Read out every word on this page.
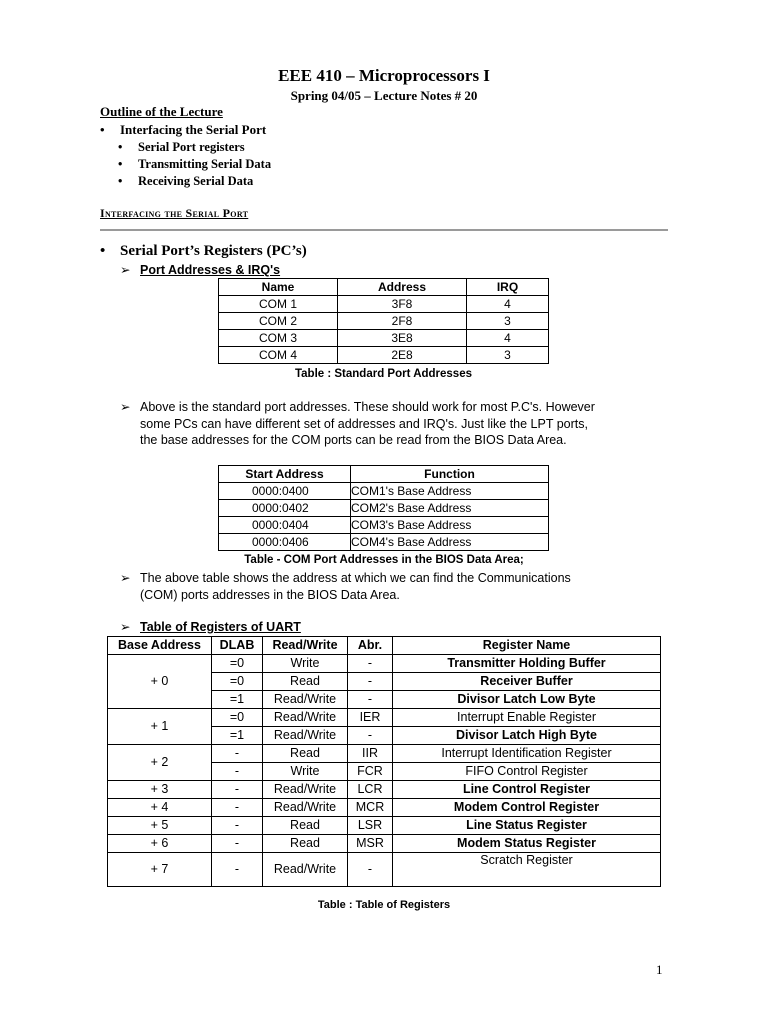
EEE 410 – Microprocessors I
Spring 04/05 – Lecture Notes # 20
Outline of the Lecture
• Interfacing the Serial Port
• Serial Port registers
• Transmitting Serial Data
• Receiving Serial Data
Interfacing the Serial Port
• Serial Port’s Registers (PC’s)
➢ Port Addresses & IRQ's
Name	Address	IRQ
COM 1	3F8	4
COM 2	2F8	3
COM 3	3E8	4
COM 4	2E8	3
Table : Standard Port Addresses
➢ Above is the standard port addresses. These should work for most P.C's. However
some PCs can have different set of addresses and IRQ's. Just like the LPT ports,
the base addresses for the COM ports can be read from the BIOS Data Area.
Start Address	Function
0000:0400	COM1's Base Address
0000:0402	COM2's Base Address
0000:0404	COM3's Base Address
0000:0406	COM4's Base Address
Table - COM Port Addresses in the BIOS Data Area;
➢ The above table shows the address at which we can find the Communications
(COM) ports addresses in the BIOS Data Area.
➢ Table of Registers of UART
Base Address	DLAB	Read/Write	Abr.	Register Name
+ 0	=0	Write	-	Transmitter Holding Buffer
	=0	Read	-	Receiver Buffer
	=1	Read/Write	-	Divisor Latch Low Byte
+ 1	=0	Read/Write	IER	Interrupt Enable Register
	=1	Read/Write	-	Divisor Latch High Byte
+ 2	-	Read	IIR	Interrupt Identification Register
	-	Write	FCR	FIFO Control Register
+ 3	-	Read/Write	LCR	Line Control Register
+ 4	-	Read/Write	MCR	Modem Control Register
+ 5	-	Read	LSR	Line Status Register
+ 6	-	Read	MSR	Modem Status Register
+ 7	-	Read/Write	-	Scratch Register
Table : Table of Registers
1
